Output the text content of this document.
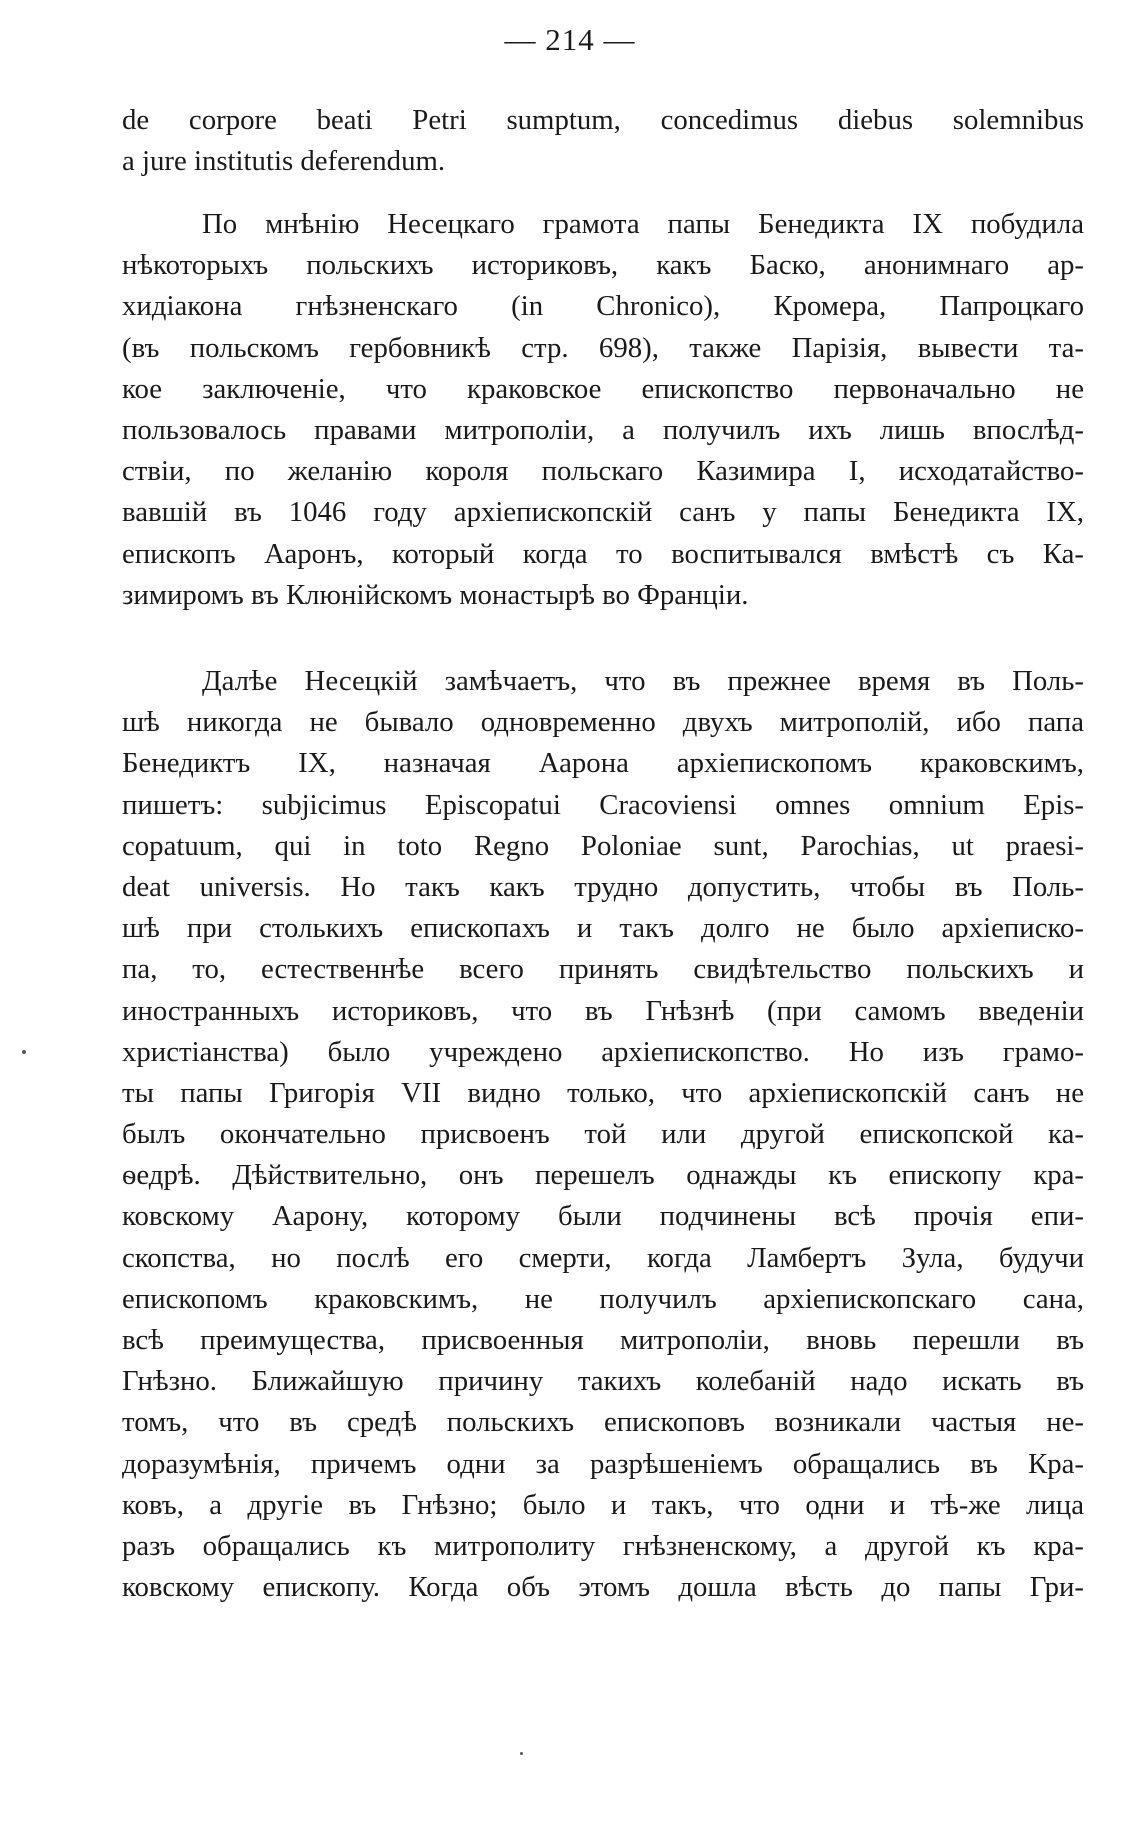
— 214 —
de corpore beati Petri sumptum, concedimus diebus solemnibus
a jure institutis deferendum.
По мнѣнію Несецкаго грамота папы Бенедикта IX побудила
нѣкоторыхъ польскихъ историковъ, какъ Баско, анонимнаго ар-
хидіакона гнѣзненскаго (in Chronico), Кромера, Папроцкаго
(въ польскомъ гербовникѣ стр. 698), также Парізія, вывести та-
кое заключеніе, что краковское епископство первоначально не
пользовалось правами митрополіи, а получилъ ихъ лишь впослѣд-
ствіи, по желанію короля польскаго Казимира I, исходатайство-
вавшій въ 1046 году архіепископскій санъ у папы Бенедикта IX,
епископъ Ааронъ, который когда то воспитывался вмѣстѣ съ Ка-
зимиромъ въ Клюнійскомъ монастырѣ во Франціи.
Далѣе Несецкій замѣчаетъ, что въ прежнее время въ Поль-
шѣ никогда не бывало одновременно двухъ митрополій, ибо папа
Бенедиктъ IX, назначая Аарона архіепископомъ краковскимъ,
пишетъ: subjicimus Episcopatui Cracoviensi omnes omnium Epis-
copatuum, qui in toto Regno Poloniae sunt, Parochias, ut praesi-
deat universis. Но такъ какъ трудно допустить, чтобы въ Поль-
шѣ при столькихъ епископахъ и такъ долго не было архіеписко-
па, то, естественнѣе всего принять свидѣтельство польскихъ и
иностранныхъ историковъ, что въ Гнѣзнѣ (при самомъ введеніи
христіанства) было учреждено архіепископство. Но изъ грамо-
ты папы Григорія VII видно только, что архіепископскій санъ не
былъ окончательно присвоенъ той или другой епископской ка-
ѳедрѣ. Дѣйствительно, онъ перешелъ однажды къ епископу кра-
ковскому Аарону, которому были подчинены всѣ прочія епи-
скопства, но послѣ его смерти, когда Ламбертъ Зула, будучи
епископомъ краковскимъ, не получилъ архіепископскаго сана,
всѣ преимущества, присвоенныя митрополіи, вновь перешли въ
Гнѣзно. Ближайшую причину такихъ колебаній надо искать въ
томъ, что въ средѣ польскихъ епископовъ возникали частыя не-
доразумѣнія, причемъ одни за разрѣшеніемъ обращались въ Кра-
ковъ, а другіе въ Гнѣзно; было и такъ, что одни и тѣ-же лица
разъ обращались къ митрополиту гнѣзненскому, а другой къ кра-
ковскому епископу. Когда объ этомъ дошла вѣсть до папы Гри-
